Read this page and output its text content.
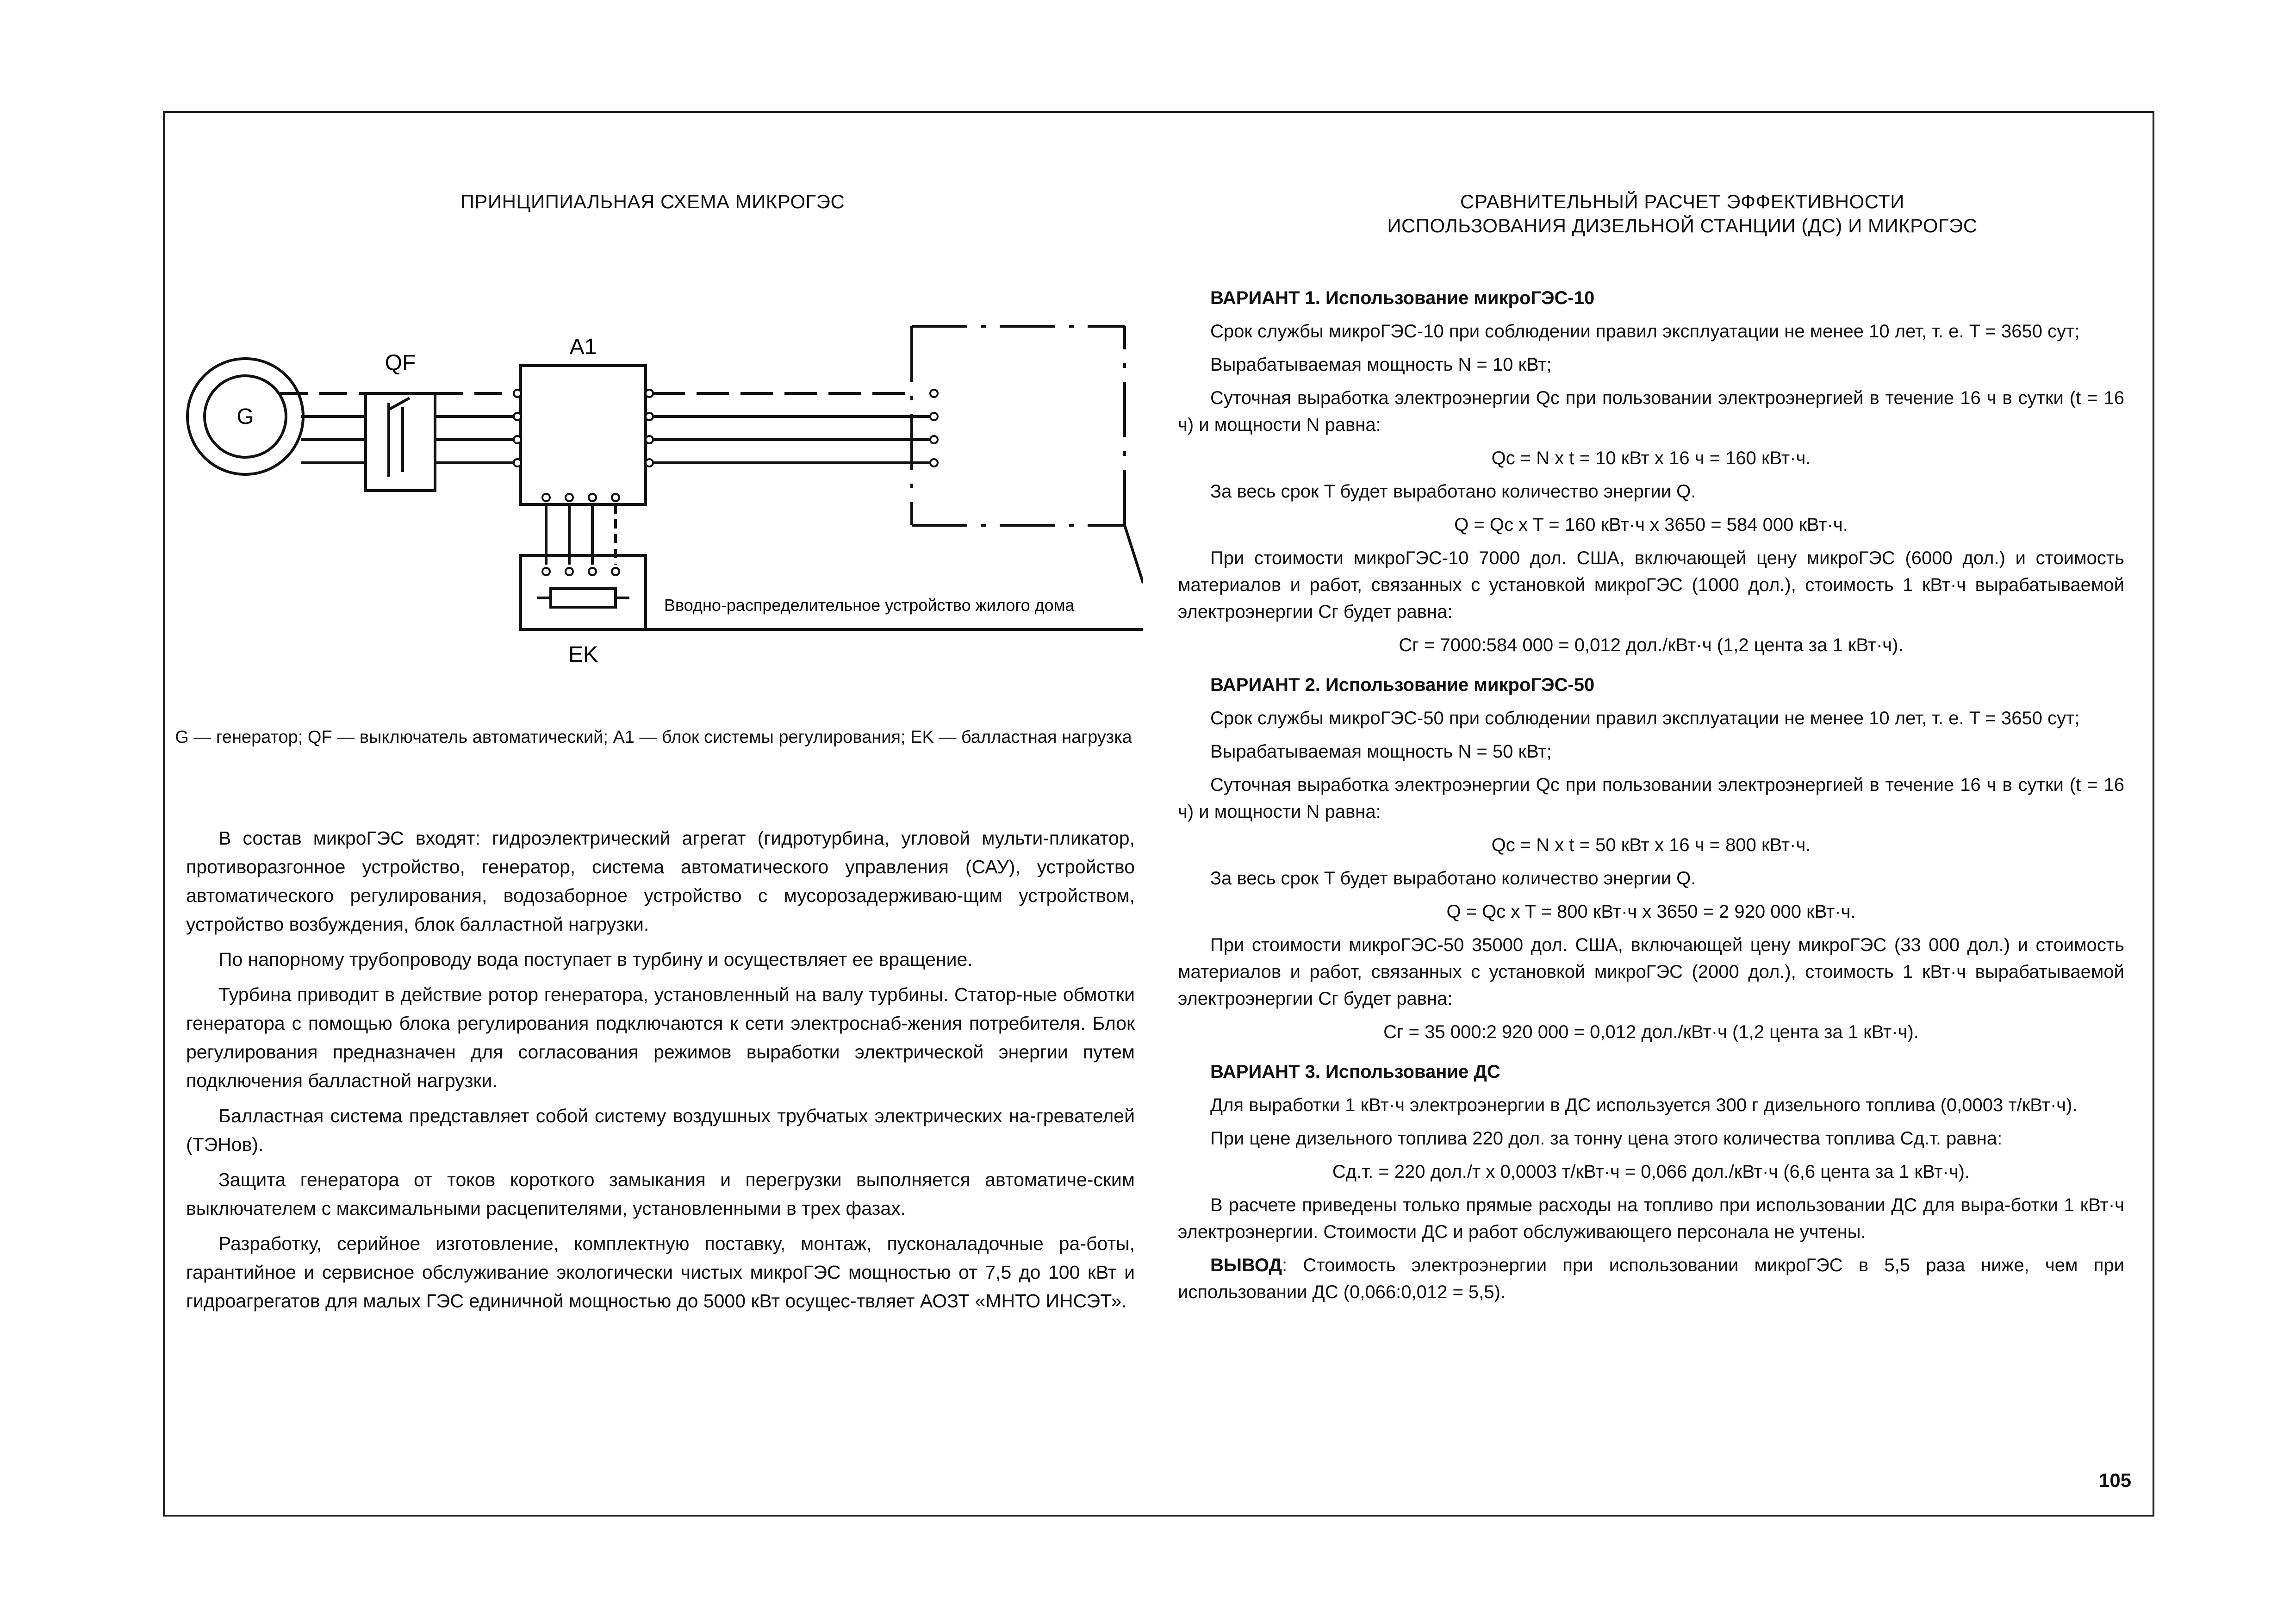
ПРИНЦИПИАЛЬНАЯ СХЕМА МИКРОГЭС
G
QF
A1
EK
Вводно-распределительное устройство жилого дома
G — генератор; QF — выключатель автоматический; A1 — блок системы регулирования; EK — балластная нагрузка

В состав микроГЭС входят: гидроэлектрический агрегат (гидротурбина, угловой мульти-пликатор, противоразгонное устройство, генератор, система автоматического управления (САУ), устройство автоматического регулирования, водозаборное устройство с мусорозадерживаю-щим устройством, устройство возбуждения, блок балластной нагрузки.

По напорному трубопроводу вода поступает в турбину и осуществляет ее вращение.

Турбина приводит в действие ротор генератора, установленный на валу турбины. Статор-ные обмотки генератора с помощью блока регулирования подключаются к сети электроснаб-жения потребителя. Блок регулирования предназначен для согласования режимов выработки электрической энергии путем подключения балластной нагрузки.

Балластная система представляет собой систему воздушных трубчатых электрических на-гревателей (ТЭНов).

Защита генератора от токов короткого замыкания и перегрузки выполняется автоматиче-ским выключателем с максимальными расцепителями, установленными в трех фазах.

Разработку, серийное изготовление, комплектную поставку, монтаж, пусконаладочные ра-боты, гарантийное и сервисное обслуживание экологически чистых микроГЭС мощностью от 7,5 до 100 кВт и гидроагрегатов для малых ГЭС единичной мощностью до 5000 кВт осущес-твляет АОЗТ «МНТО ИНСЭТ».

СРАВНИТЕЛЬНЫЙ РАСЧЕТ ЭФФЕКТИВНОСТИ
ИСПОЛЬЗОВАНИЯ ДИЗЕЛЬНОЙ СТАНЦИИ (ДС) И МИКРОГЭС

ВАРИАНТ 1. Использование микроГЭС-10

Срок службы микроГЭС-10 при соблюдении правил эксплуатации не менее 10 лет, т. е. T = 3650 сут;

Вырабатываемая мощность N = 10 кВт;

Суточная выработка электроэнергии Qc при пользовании электроэнергией в течение 16 ч в сутки (t = 16 ч) и мощности N равна:

Qc = N x t = 10 кВт x 16 ч = 160 кВт·ч.

За весь срок T будет выработано количество энергии Q.

Q = Qc x T = 160 кВт·ч x 3650 = 584 000 кВт·ч.

При стоимости микроГЭС-10 7000 дол. США, включающей цену микроГЭС (6000 дол.) и стоимость материалов и работ, связанных с установкой микроГЭС (1000 дол.), стоимость 1 кВт·ч вырабатываемой электроэнергии Cг будет равна:

Cг = 7000:584 000 = 0,012 дол./кВт·ч (1,2 цента за 1 кВт·ч).

ВАРИАНТ 2. Использование микроГЭС-50

Срок службы микроГЭС-50 при соблюдении правил эксплуатации не менее 10 лет, т. е. T = 3650 сут;

Вырабатываемая мощность N = 50 кВт;

Суточная выработка электроэнергии Qc при пользовании электроэнергией в течение 16 ч в сутки (t = 16 ч) и мощности N равна:

Qc = N x t = 50 кВт x 16 ч = 800 кВт·ч.

За весь срок T будет выработано количество энергии Q.

Q = Qc x T = 800 кВт·ч x 3650 = 2 920 000 кВт·ч.

При стоимости микроГЭС-50 35000 дол. США, включающей цену микроГЭС (33 000 дол.) и стоимость материалов и работ, связанных с установкой микроГЭС (2000 дол.), стоимость 1 кВт·ч вырабатываемой электроэнергии Cг будет равна:

Cг = 35 000:2 920 000 = 0,012 дол./кВт·ч (1,2 цента за 1 кВт·ч).

ВАРИАНТ 3. Использование ДС

Для выработки 1 кВт·ч электроэнергии в ДС используется 300 г дизельного топлива (0,0003 т/кВт·ч).

При цене дизельного топлива 220 дол. за тонну цена этого количества топлива Cд.т. равна:

Cд.т. = 220 дол./т x 0,0003 т/кВт·ч = 0,066 дол./кВт·ч (6,6 цента за 1 кВт·ч).

В расчете приведены только прямые расходы на топливо при использовании ДС для выра-ботки 1 кВт·ч электроэнергии. Стоимости ДС и работ обслуживающего персонала не учтены.

ВЫВОД: Стоимость электроэнергии при использовании микроГЭС в 5,5 раза ниже, чем при использовании ДС (0,066:0,012 = 5,5).

105
